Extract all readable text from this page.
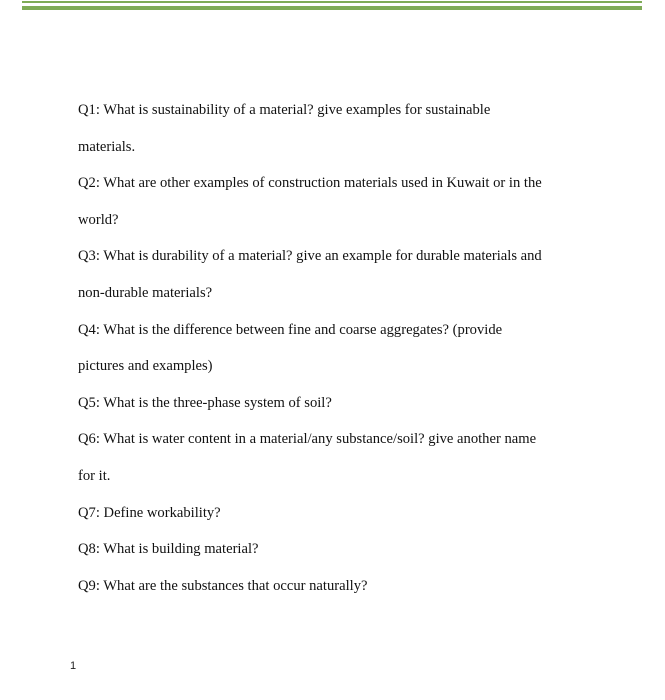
Q1: What is sustainability of a material? give examples for sustainable
materials.
Q2: What are other examples of construction materials used in Kuwait or in the
world?
Q3: What is durability of a material? give an example for durable materials and
non-durable materials?
Q4: What is the difference between fine and coarse aggregates? (provide
pictures and examples)
Q5: What is the three-phase system of soil?
Q6: What is water content in a material/any substance/soil? give another name
for it.
Q7: Define workability?
Q8: What is building material?
Q9: What are the substances that occur naturally?
1
